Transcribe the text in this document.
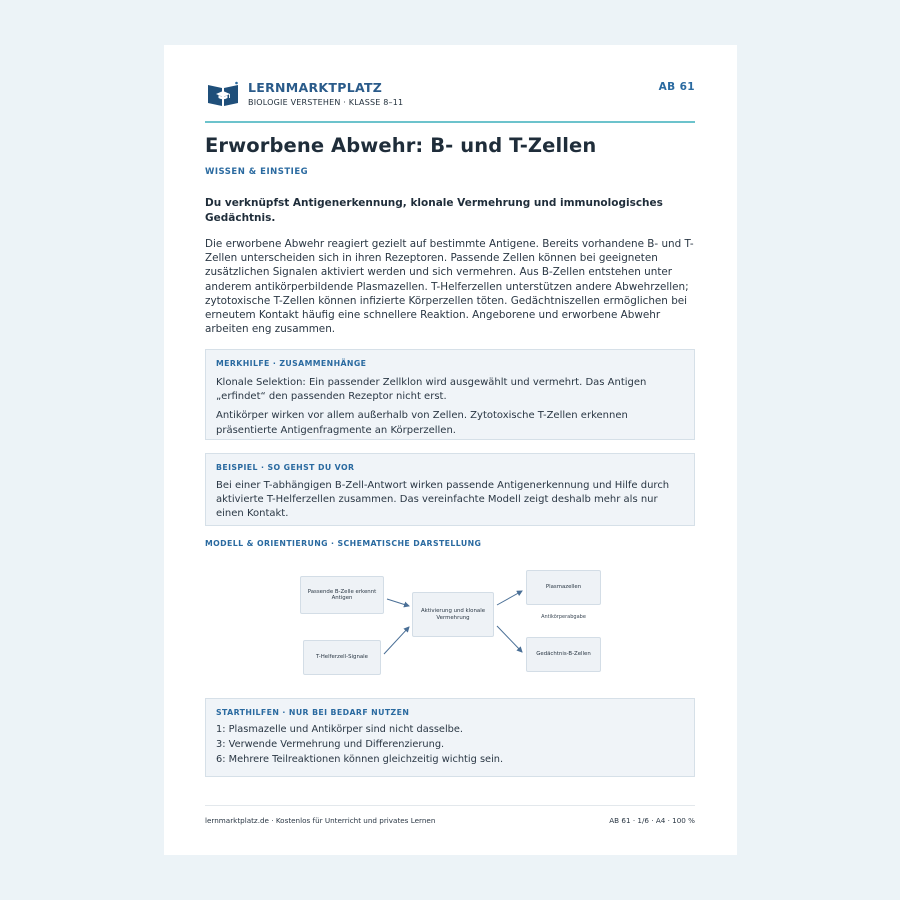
LERNMARKTPLATZ
BIOLOGIE VERSTEHEN · KLASSE 8–11
AB 61
Erworbene Abwehr: B- und T-Zellen
WISSEN & EINSTIEG
Du verknüpfst Antigenerkennung, klonale Vermehrung und immunologisches Gedächtnis.
Die erworbene Abwehr reagiert gezielt auf bestimmte Antigene. Bereits vorhandene B- und T-Zellen unterscheiden sich in ihren Rezeptoren. Passende Zellen können bei geeigneten zusätzlichen Signalen aktiviert werden und sich vermehren. Aus B-Zellen entstehen unter anderem antikörperbildende Plasmazellen. T-Helferzellen unterstützen andere Abwehrzellen; zytotoxische T-Zellen können infizierte Körperzellen töten. Gedächtniszellen ermöglichen bei erneutem Kontakt häufig eine schnellere Reaktion. Angeborene und erworbene Abwehr arbeiten eng zusammen.
MERKHILFE · ZUSAMMENHÄNGE

Klonale Selektion: Ein passender Zellklon wird ausgewählt und vermehrt. Das Antigen „erfindet“ den passenden Rezeptor nicht erst.

Antikörper wirken vor allem außerhalb von Zellen. Zytotoxische T-Zellen erkennen präsentierte Antigenfragmente an Körperzellen.

BEISPIEL · SO GEHST DU VOR

Bei einer T-abhängigen B-Zell-Antwort wirken passende Antigenerkennung und Hilfe durch aktivierte T-Helferzellen zusammen. Das vereinfachte Modell zeigt deshalb mehr als nur einen Kontakt.

MODELL & ORIENTIERUNG · SCHEMATISCHE DARSTELLUNG
Passende B-Zelle erkennt Antigen
T-Helferzell-Signale
Aktivierung und klonale Vermehrung
Plasmazellen
Antikörperabgabe
Gedächtnis-B-Zellen
STARTHILFEN · NUR BEI BEDARF NUTZEN
1: Plasmazelle und Antikörper sind nicht dasselbe.
3: Verwende Vermehrung und Differenzierung.
6: Mehrere Teilreaktionen können gleichzeitig wichtig sein.
lernmarktplatz.de · Kostenlos für Unterricht und privates Lernen	AB 61 · 1/6 · A4 · 100 %
